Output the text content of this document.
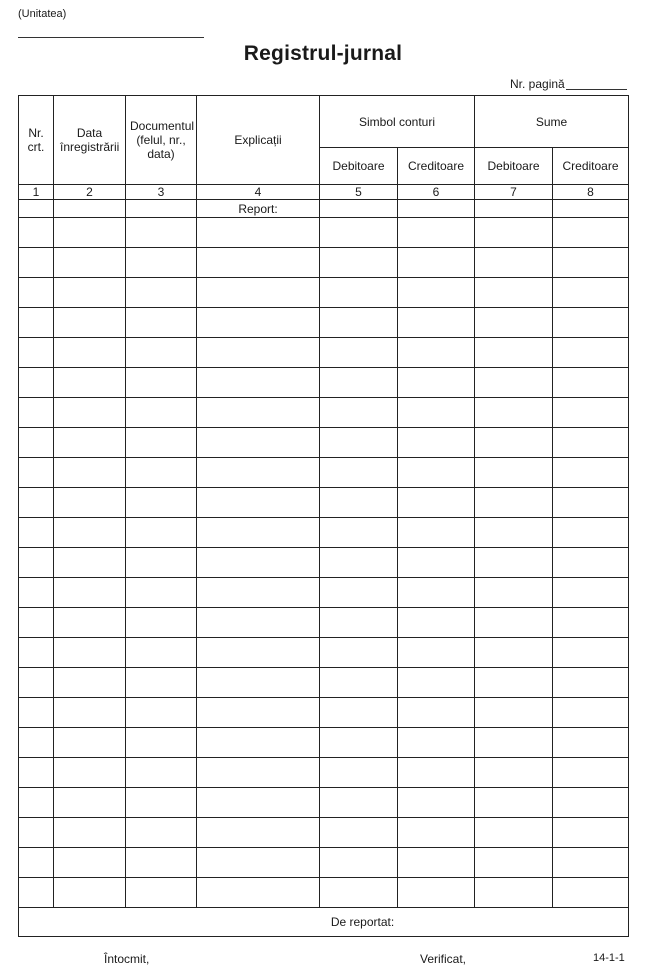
(Unitatea)
Registrul-jurnal
Nr. pagină
Nr. crt.	Data înregistrării	Documentul (felul, nr., data)	Explicații	Simbol conturi		Sume	
				Debitoare	Creditoare	Debitoare	Creditoare
1	2	3	4	5	6	7	8
			Report:				

De reportat:							
Întocmit,	Verificat,	14-1-1
